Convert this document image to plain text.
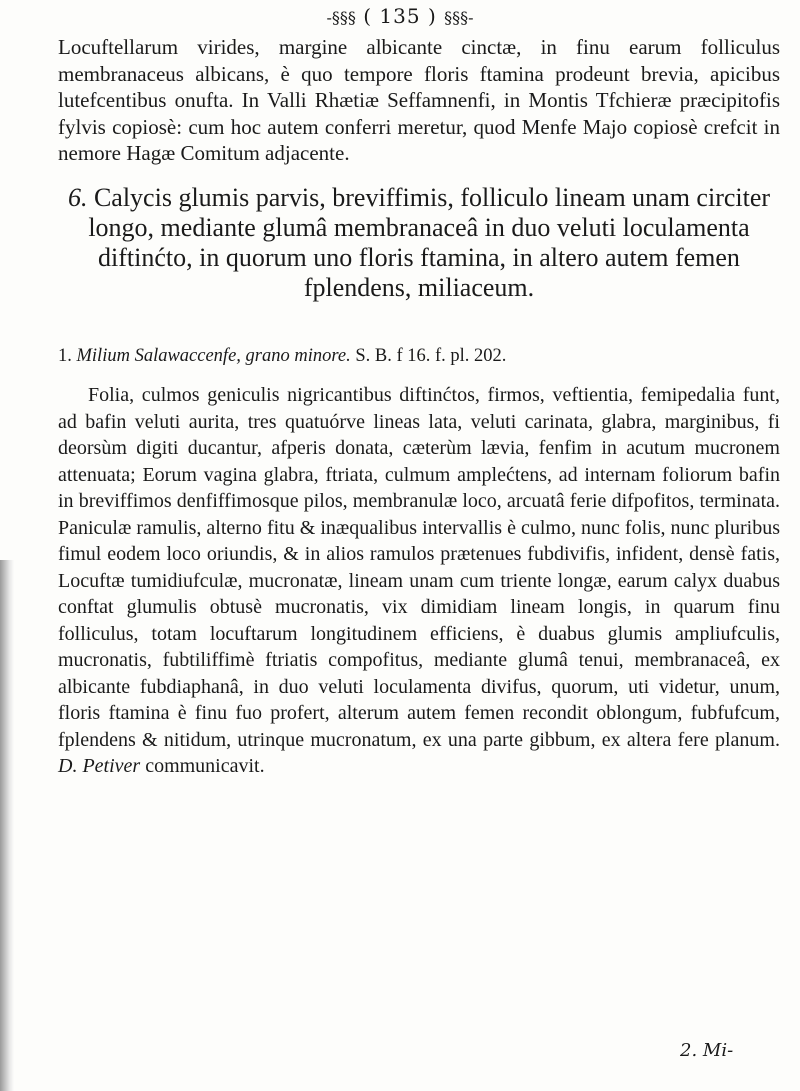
-§§§ ( 135 ) §§§-
Locuftellarum virides, margine albicante cinctæ, in finu earum folliculus membranaceus albicans, è quo tempore floris ftamina prodeunt brevia, apicibus lutefcentibus onufta. In Valli Rhætiæ Seffamnenfi, in Montis Tfchieræ præcipitofis fylvis copiosè: cum hoc autem conferri meretur, quod Menfe Majo copiosè crefcit in nemore Hagæ Comitum adjacente.
6. Calycis glumis parvis, breviffimis, folliculo lineam unam circiter longo, mediante glumâ membranaceâ in duo veluti loculamenta diftinćto, in quorum uno floris ftamina, in altero autem femen fplendens, miliaceum.
1. Milium Salawaccenfe, grano minore. S. B. f 16. f. pl. 202.
Folia, culmos geniculis nigricantibus diftinćtos, firmos, veftientia, femipedalia funt, ad bafin veluti aurita, tres quatuórve lineas lata, veluti carinata, glabra, marginibus, fi deorsùm digiti ducantur, afperis donata, cæterùm lævia, fenfim in acutum mucronem attenuata; Eorum vagina glabra, ftriata, culmum amplećtens, ad internam foliorum bafin in breviffimos denfiffimosque pilos, membranulæ loco, arcuatâ ferie difpofitos, terminata. Paniculæ ramulis, alterno fitu & inæqualibus intervallis è culmo, nunc folis, nunc pluribus fimul eodem loco oriundis, & in alios ramulos prætenues fubdivifis, infident, densè fatis, Locuftæ tumidiufculæ, mucronatæ, lineam unam cum triente longæ, earum calyx duabus conftat glumulis obtusè mucronatis, vix dimidiam lineam longis, in quarum finu folliculus, totam locuftarum longitudinem efficiens, è duabus glumis ampliufculis, mucronatis, fubtiliffimè ftriatis compofitus, mediante glumâ tenui, membranaceâ, ex albicante fubdiaphanâ, in duo veluti loculamenta divifus, quorum, uti videtur, unum, floris ftamina è finu fuo profert, alterum autem femen recondit oblongum, fubfufcum, fplendens & nitidum, utrinque mucronatum, ex una parte gibbum, ex altera fere planum. D. Petiver communicavit.
2. Mi-
